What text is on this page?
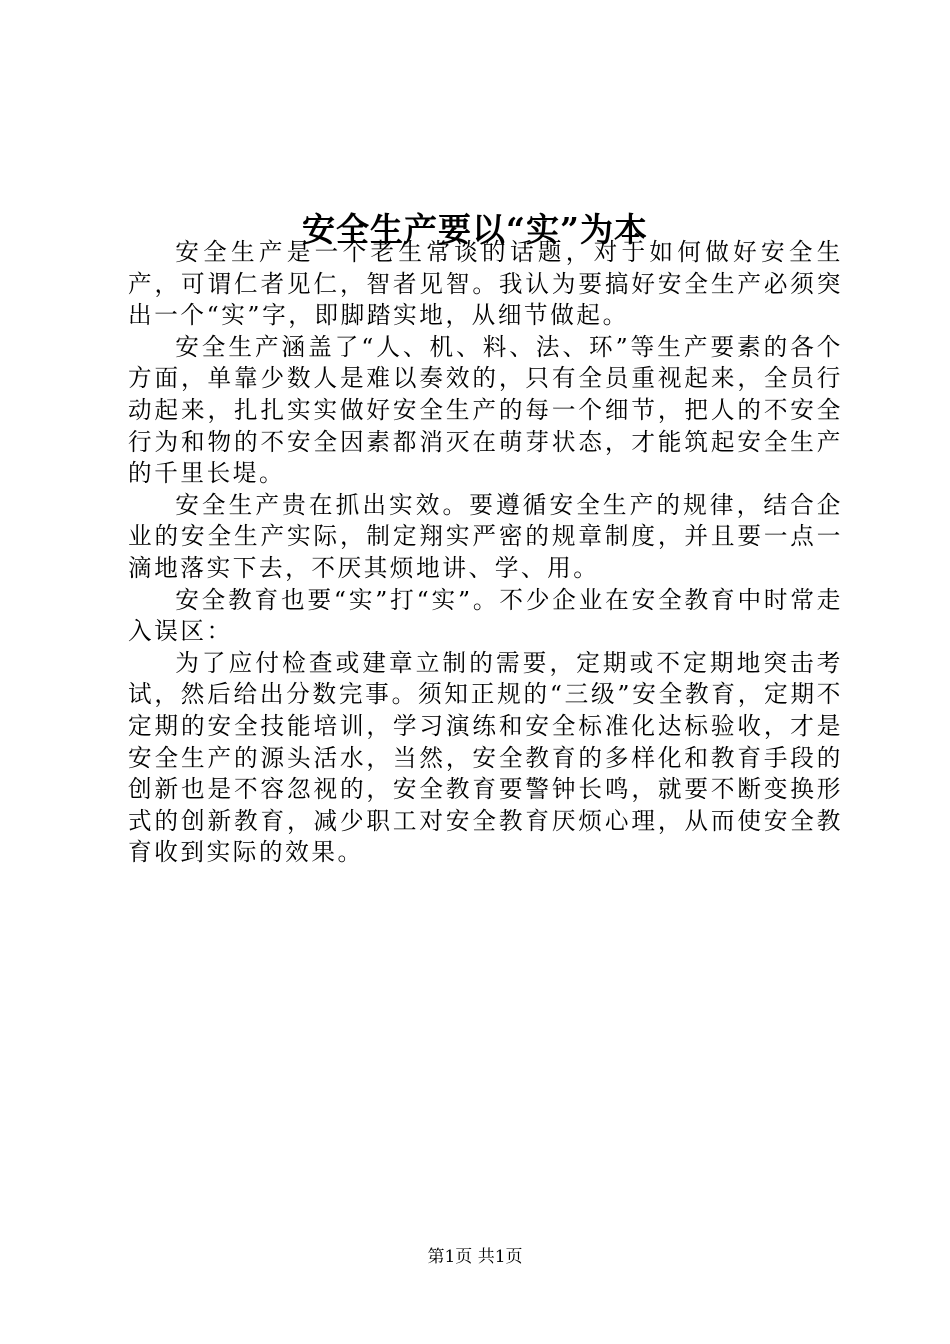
安全生产要以“实”为本

安全生产是一个老生常谈的话题，对于如何做好安全生产，可谓仁者见仁，智者见智。我认为要搞好安全生产必须突出一个“实”字，即脚踏实地，从细节做起。

安全生产涵盖了“人、机、料、法、环”等生产要素的各个方面，单靠少数人是难以奏效的，只有全员重视起来，全员行动起来，扎扎实实做好安全生产的每一个细节，把人的不安全行为和物的不安全因素都消灭在萌芽状态，才能筑起安全生产的千里长堤。

安全生产贵在抓出实效。要遵循安全生产的规律，结合企业的安全生产实际，制定翔实严密的规章制度，并且要一点一滴地落实下去，不厌其烦地讲、学、用。

安全教育也要“实”打“实”。不少企业在安全教育中时常走入误区：

为了应付检查或建章立制的需要，定期或不定期地突击考试，然后给出分数完事。须知正规的“三级”安全教育，定期不定期的安全技能培训，学习演练和安全标准化达标验收，才是安全生产的源头活水，当然，安全教育的多样化和教育手段的创新也是不容忽视的，安全教育要警钟长鸣，就要不断变换形式的创新教育，减少职工对安全教育厌烦心理，从而使安全教育收到实际的效果。

第1页 共1页
